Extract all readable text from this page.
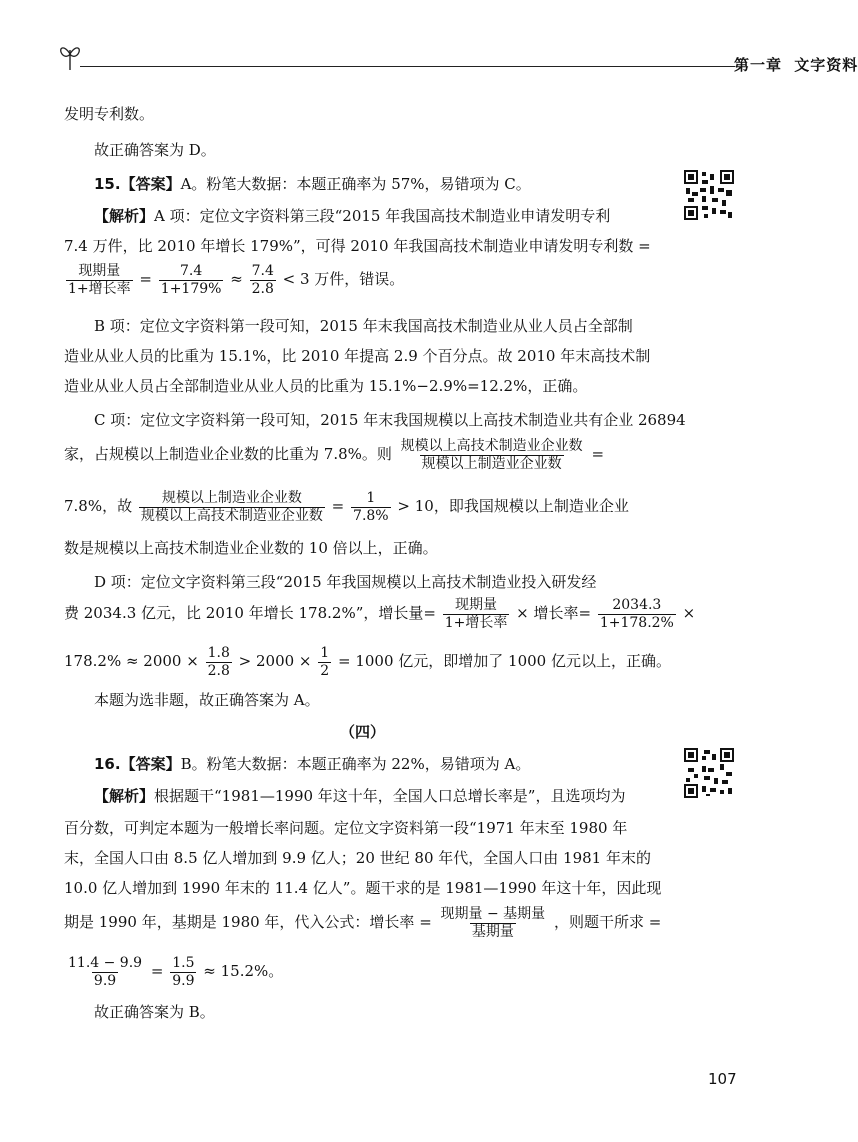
第一章 文字资料
发明专利数。
故正确答案为 D。
15.【答案】A。粉笔大数据：本题正确率为 57%，易错项为 C。
【解析】A 项：定位文字资料第三段“2015 年我国高技术制造业申请发明专利
7.4 万件，比 2010 年增长 179%”，可得 2010 年我国高技术制造业申请发明专利数 =
$\frac{\text{现期量}}{\text{1+增长率}} = \frac{7.4}{1+179\%} \approx \frac{7.4}{2.8} < 3$ 万件，错误。
B 项：定位文字资料第一段可知，2015 年末我国高技术制造业从业人员占全部制
造业从业人员的比重为 15.1%，比 2010 年提高 2.9 个百分点。故 2010 年末高技术制
造业从业人员占全部制造业从业人员的比重为 15.1%−2.9%=12.2%，正确。
C 项：定位文字资料第一段可知，2015 年末我国规模以上高技术制造业共有企业 26894
家，占规模以上制造业企业数的比重为 7.8%。则 $\frac{\text{规模以上高技术制造业企业数}}{\text{规模以上制造业企业数}}$ =
7.8%，故 $\frac{\text{规模以上制造业企业数}}{\text{规模以上高技术制造业企业数}} = \frac{1}{7.8\%} > 10$，即我国规模以上制造业企业
数是规模以上高技术制造业企业数的 10 倍以上，正确。
D 项：定位文字资料第三段“2015 年我国规模以上高技术制造业投入研发经
费 2034.3 亿元，比 2010 年增长 178.2%”，增长量= $\frac{\text{现期量}}{\text{1+增长率}}$ × 增长率= $\frac{2034.3}{1+178.2\%}$ ×
$178.2\% \approx 2000 \times \frac{1.8}{2.8} > 2000 \times \frac{1}{2} = 1000$ 亿元，即增加了 1000 亿元以上，正确。
本题为选非题，故正确答案为 A。
（四）
16.【答案】B。粉笔大数据：本题正确率为 22%，易错项为 A。
【解析】根据题干“1981—1990 年这十年，全国人口总增长率是”，且选项均为
百分数，可判定本题为一般增长率问题。定位文字资料第一段“1971 年末至 1980 年
末，全国人口由 8.5 亿人增加到 9.9 亿人；20 世纪 80 年代，全国人口由 1981 年末的
10.0 亿人增加到 1990 年末的 11.4 亿人”。题干求的是 1981—1990 年这十年，因此现
期是 1990 年，基期是 1980 年，代入公式：增长率 = $\frac{\text{现期量 − 基期量}}{\text{基期量}}$ ，则题干所求 =
$\frac{11.4 - 9.9}{9.9} = \frac{1.5}{9.9} \approx 15.2\%$。
故正确答案为 B。
107
